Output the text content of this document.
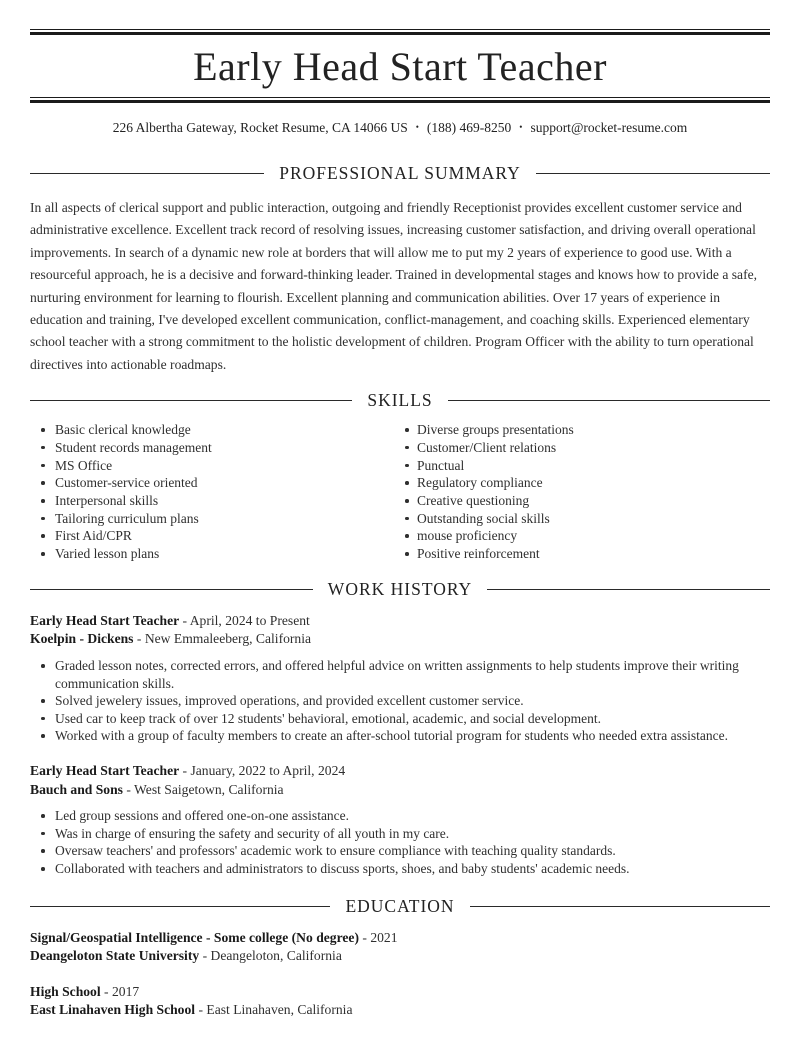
Early Head Start Teacher
226 Albertha Gateway, Rocket Resume, CA 14066 US • (188) 469-8250 • support@rocket-resume.com
PROFESSIONAL SUMMARY

In all aspects of clerical support and public interaction, outgoing and friendly Receptionist provides excellent customer service and administrative excellence. Excellent track record of resolving issues, increasing customer satisfaction, and driving overall operational improvements. In search of a dynamic new role at borders that will allow me to put my 2 years of experience to good use. With a resourceful approach, he is a decisive and forward-thinking leader. Trained in developmental stages and knows how to provide a safe, nurturing environment for learning to flourish. Excellent planning and communication abilities. Over 17 years of experience in education and training, I've developed excellent communication, conflict-management, and coaching skills. Experienced elementary school teacher with a strong commitment to the holistic development of children. Program Officer with the ability to turn operational directives into actionable roadmaps.

SKILLS
Basic clerical knowledge
Student records management
MS Office
Customer-service oriented
Interpersonal skills
Tailoring curriculum plans
First Aid/CPR
Varied lesson plans
Diverse groups presentations
Customer/Client relations
Punctual
Regulatory compliance
Creative questioning
Outstanding social skills
mouse proficiency
Positive reinforcement
WORK HISTORY
Early Head Start Teacher - April, 2024 to Present
Koelpin - Dickens - New Emmaleeberg, California
Graded lesson notes, corrected errors, and offered helpful advice on written assignments to help students improve their writing communication skills.
Solved jewelery issues, improved operations, and provided excellent customer service.
Used car to keep track of over 12 students' behavioral, emotional, academic, and social development.
Worked with a group of faculty members to create an after-school tutorial program for students who needed extra assistance.
Early Head Start Teacher - January, 2022 to April, 2024
Bauch and Sons - West Saigetown, California
Led group sessions and offered one-on-one assistance.
Was in charge of ensuring the safety and security of all youth in my care.
Oversaw teachers' and professors' academic work to ensure compliance with teaching quality standards.
Collaborated with teachers and administrators to discuss sports, shoes, and baby students' academic needs.
EDUCATION
Signal/Geospatial Intelligence - Some college (No degree) - 2021
Deangeloton State University - Deangeloton, California
High School - 2017
East Linahaven High School - East Linahaven, California
